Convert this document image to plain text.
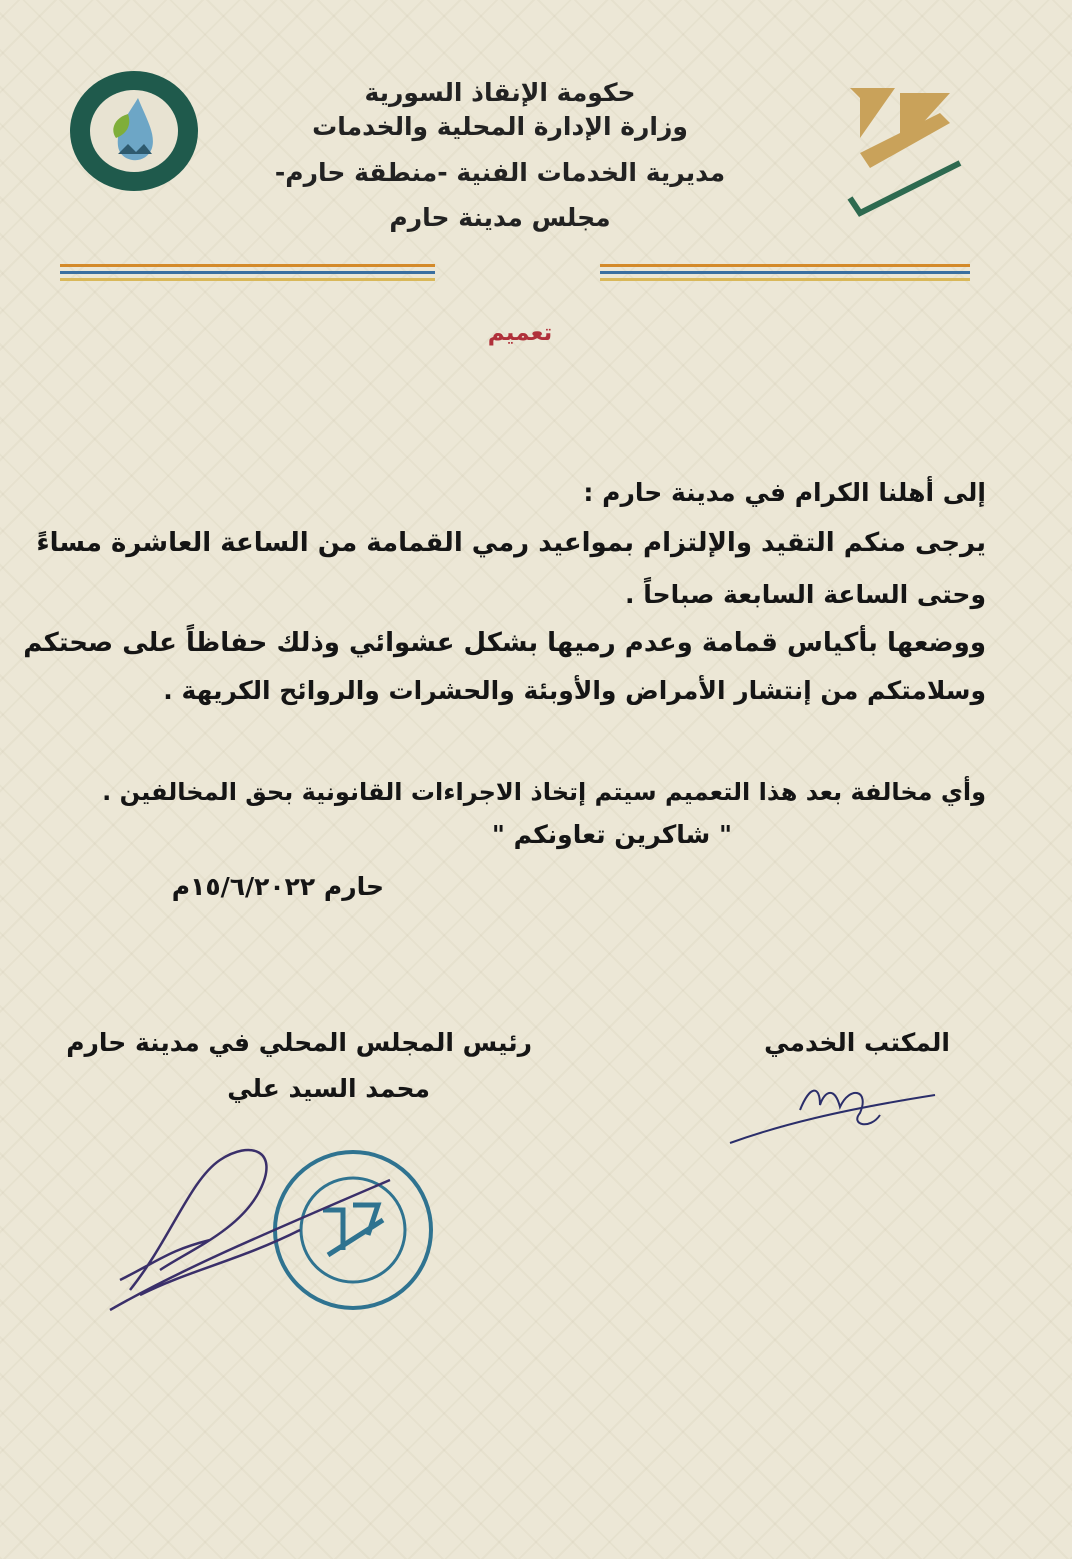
حكومة الإنقاذ السورية
وزارة الإدارة المحلية والخدمات
مديرية الخدمات الفنية -منطقة حارم-
مجلس مدينة حارم
تعميم
إلى أهلنا الكرام في مدينة حارم :
يرجى منكم التقيد والإلتزام بمواعيد رمي القمامة من الساعة العاشرة مساءً
وحتى الساعة السابعة صباحاً .
ووضعها بأكياس قمامة وعدم رميها بشكل عشوائي وذلك حفاظاً على صحتكم
وسلامتكم من إنتشار الأمراض والأوبئة والحشرات والروائح الكريهة .
وأي مخالفة بعد هذا التعميم سيتم إتخاذ الاجراءات القانونية بحق المخالفين .
" شاكرين تعاونكم "
حارم ١٥/٦/٢٠٢٢م
المكتب الخدمي
رئيس المجلس المحلي في مدينة حارم
محمد السيد علي
